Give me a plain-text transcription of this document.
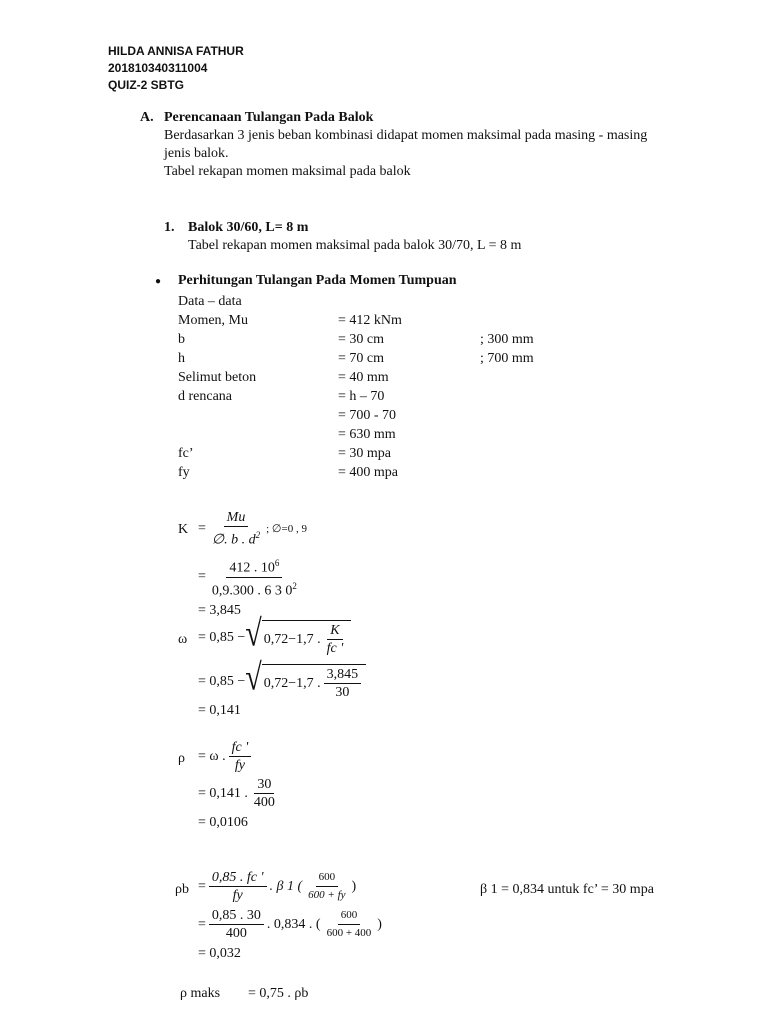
HILDA ANNISA FATHUR
201810340311004
QUIZ-2 SBTG
A. Perencanaan Tulangan Pada Balok
Berdasarkan 3 jenis beban kombinasi didapat momen maksimal pada masing - masing
jenis balok.
Tabel rekapan momen maksimal pada balok
1. Balok 30/60, L= 8 m
Tabel rekapan momen maksimal pada balok 30/70, L = 8 m
● Perhitungan Tulangan Pada Momen Tumpuan
Data – data
Momen, Mu	= 412 kNm
b	= 30 cm	; 300 mm
h	= 70 cm	; 700 mm
Selimut beton	= 40 mm
d rencana	= h – 70
= 700 - 70
= 630 mm
fc’	= 30 mpa
fy	= 400 mpa
$K = \frac{Mu}{\emptyset. b . d^2}$ ; ∅=0 , 9
= $\frac{412 . 10^6}{0,9.300 . 6 3 0^2}$
= 3,845
ω = 0,85 − √ 0,72−1,7 . $\frac{K}{fc '}$
= 0,85 − √ 0,72−1,7 . $\frac{3,845}{30}$
= 0,141
ρ = ω . $\frac{fc '}{fy}$
= 0,141 . $\frac{30}{400}$
= 0,0106
$\rho b = \frac{0,85 . fc '}{fy}$ . β 1 ( $\frac{600}{600 + fy}$ )	β 1 = 0,834 untuk fc’ = 30 mpa
= $\frac{0,85 . 30}{400}$ . 0,834 . ( $\frac{600}{600 + 400}$ )
= 0,032
ρ maks = 0,75 . ρb
